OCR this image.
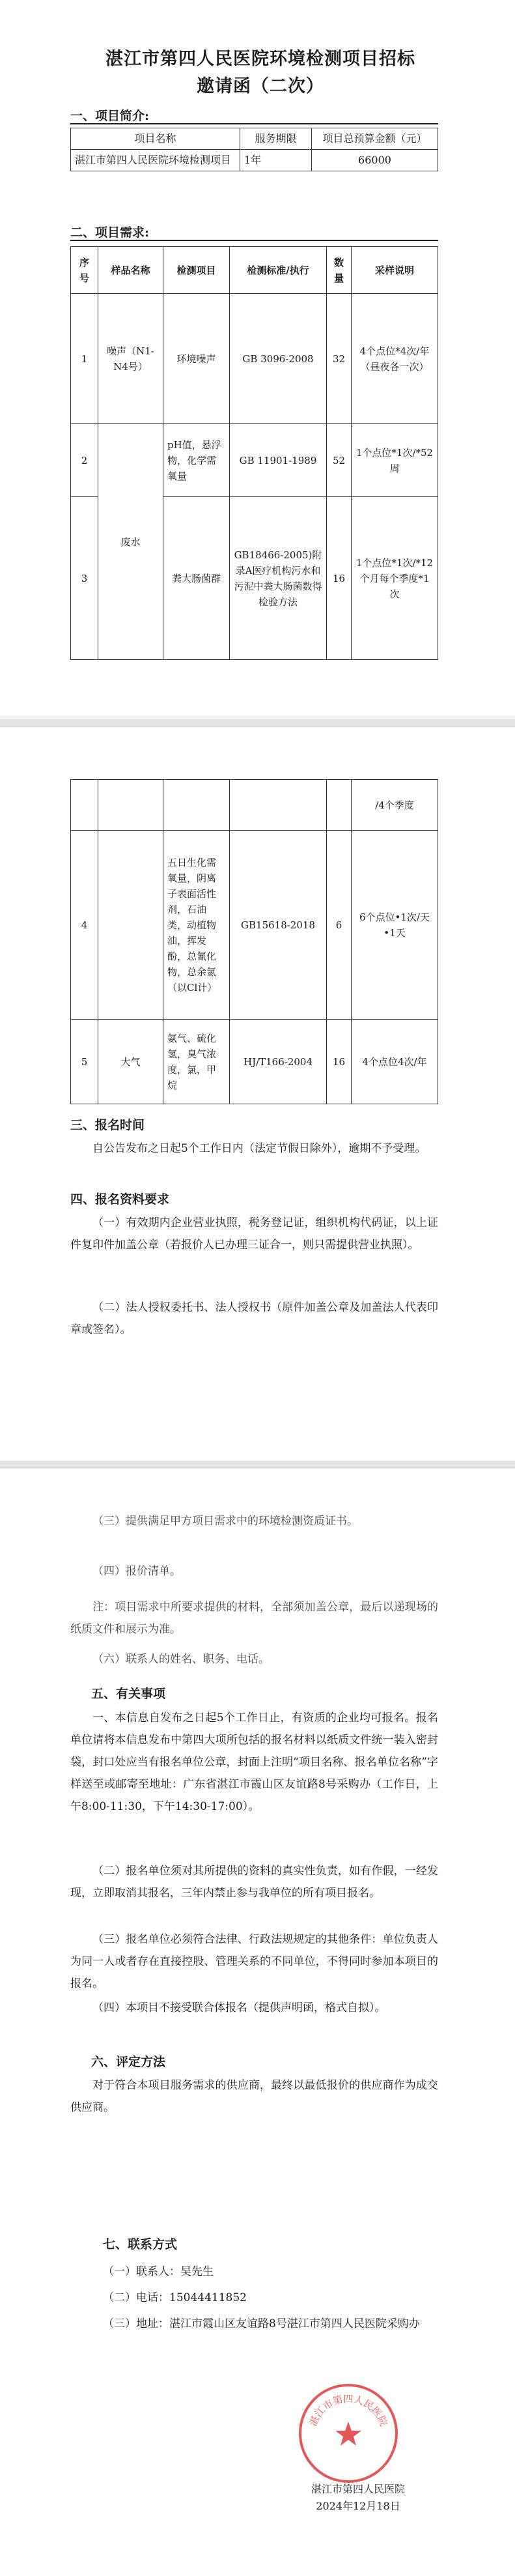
湛江市第四人民医院环境检测项目招标
邀请函（二次）
一、项目简介:
项目名称	服务期限	项目总预算金额（元）
湛江市第四人民医院环境检测项目	1年	66000
二、项目需求:
序号	样品名称	检测项目	检测标准/执行	数量	采样说明
1	噪声（N1-N4号）	环境噪声	GB 3096-2008	32	4个点位*4次/年（昼夜各一次）
2	废水	pH值，悬浮物，化学需氧量	GB 11901-1989	52	1个点位*1次/*52周
3		粪大肠菌群	GB18466-2005)附录A医疗机构污水和污泥中粪大肠菌数得检验方法	16	1个点位*1次/*12个月每个季度*1次
					/4个季度
4		五日生化需氧量，阴离子表面活性剂，石油类，动植物油，挥发酚，总氰化物，总余氯（以Cl计）	GB15618-2018	6	6个点位•1次/天•1天
5	大气	氨气、硫化氢，臭气浓度，氯，甲烷	HJ/T166-2004	16	4个点位4次/年
三、报名时间
自公告发布之日起5个工作日内（法定节假日除外），逾期不予受理。
四、报名资料要求
（一）有效期内企业营业执照，税务登记证，组织机构代码证，以上证件复印件加盖公章（若报价人已办理三证合一，则只需提供营业执照）。
（二）法人授权委托书、法人授权书（原件加盖公章及加盖法人代表印章或签名）。
（三）提供满足甲方项目需求中的环境检测资质证书。
（四）报价清单。
注：项目需求中所要求提供的材料，全部须加盖公章，最后以递现场的纸质文件和展示为准。
（六）联系人的姓名、职务、电话。
五、有关事项
一、本信息自发布之日起5个工作日止，有资质的企业均可报名。报名单位请将本信息发布中第四大项所包括的报名材料以纸质文件统一装入密封袋，封口处应当有报名单位公章，封面上注明“项目名称、报名单位名称”字样送至或邮寄至地址：广东省湛江市霞山区友谊路8号采购办（工作日，上午8:00-11:30，下午14:30-17:00）。
（二）报名单位须对其所提供的资料的真实性负责，如有作假，一经发现，立即取消其报名，三年内禁止参与我单位的所有项目报名。
（三）报名单位必须符合法律、行政法规规定的其他条件：单位负责人为同一人或者存在直接控股、管理关系的不同单位，不得同时参加本项目的报名。
（四）本项目不接受联合体报名（提供声明函，格式自拟）。
六、评定方法
对于符合本项目服务需求的供应商，最终以最低报价的供应商作为成交供应商。
七、联系方式
（一）联系人：吴先生
（二）电话：15044411852
（三）地址：湛江市霞山区友谊路8号湛江市第四人民医院采购办
湛江市第四人民医院
湛江市第四人民医院
2024年12月18日
